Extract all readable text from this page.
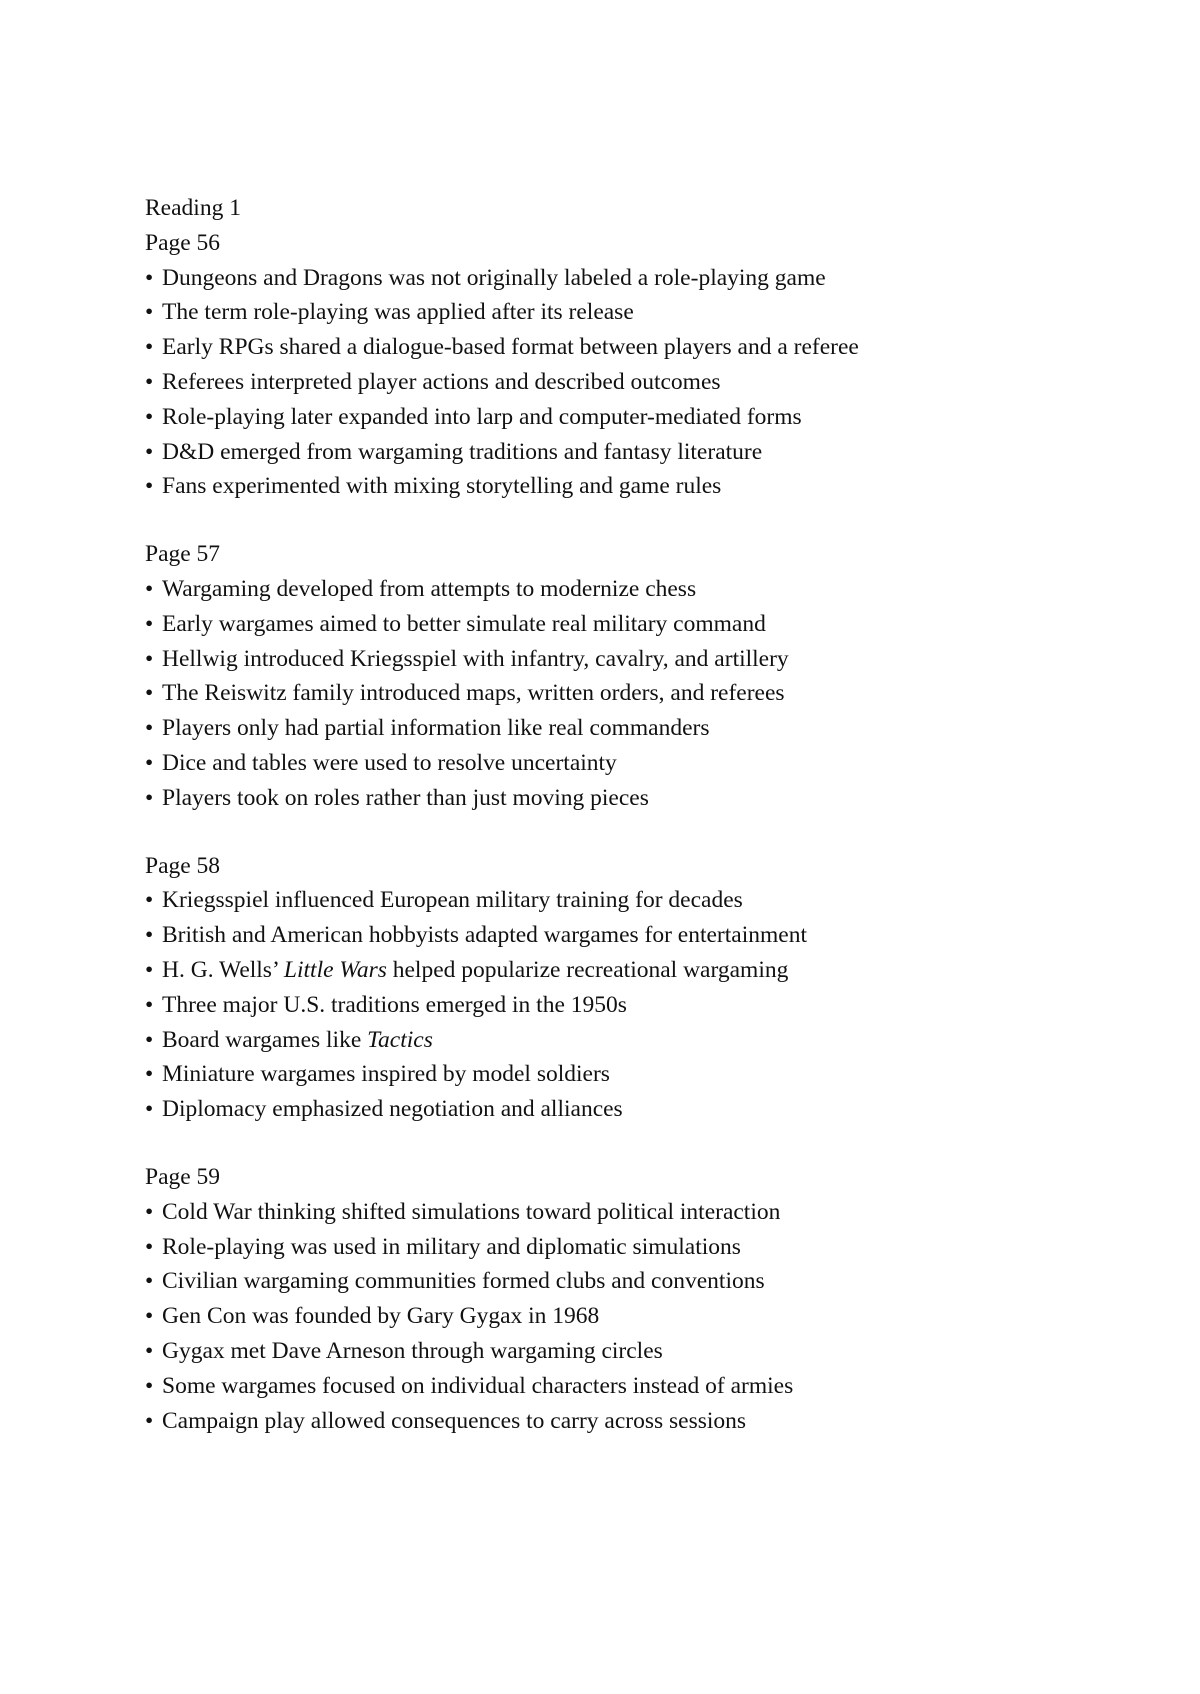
Reading 1

Page 56

• Dungeons and Dragons was not originally labeled a role-playing game
• The term role-playing was applied after its release
• Early RPGs shared a dialogue-based format between players and a referee
• Referees interpreted player actions and described outcomes
• Role-playing later expanded into larp and computer-mediated forms
• D&D emerged from wargaming traditions and fantasy literature
• Fans experimented with mixing storytelling and game rules

Page 57

• Wargaming developed from attempts to modernize chess
• Early wargames aimed to better simulate real military command
• Hellwig introduced Kriegsspiel with infantry, cavalry, and artillery
• The Reiswitz family introduced maps, written orders, and referees
• Players only had partial information like real commanders
• Dice and tables were used to resolve uncertainty
• Players took on roles rather than just moving pieces

Page 58

• Kriegsspiel influenced European military training for decades
• British and American hobbyists adapted wargames for entertainment
• H. G. Wells’ Little Wars helped popularize recreational wargaming
• Three major U.S. traditions emerged in the 1950s
• Board wargames like Tactics
• Miniature wargames inspired by model soldiers
• Diplomacy emphasized negotiation and alliances

Page 59

• Cold War thinking shifted simulations toward political interaction
• Role-playing was used in military and diplomatic simulations
• Civilian wargaming communities formed clubs and conventions
• Gen Con was founded by Gary Gygax in 1968
• Gygax met Dave Arneson through wargaming circles
• Some wargames focused on individual characters instead of armies
• Campaign play allowed consequences to carry across sessions
